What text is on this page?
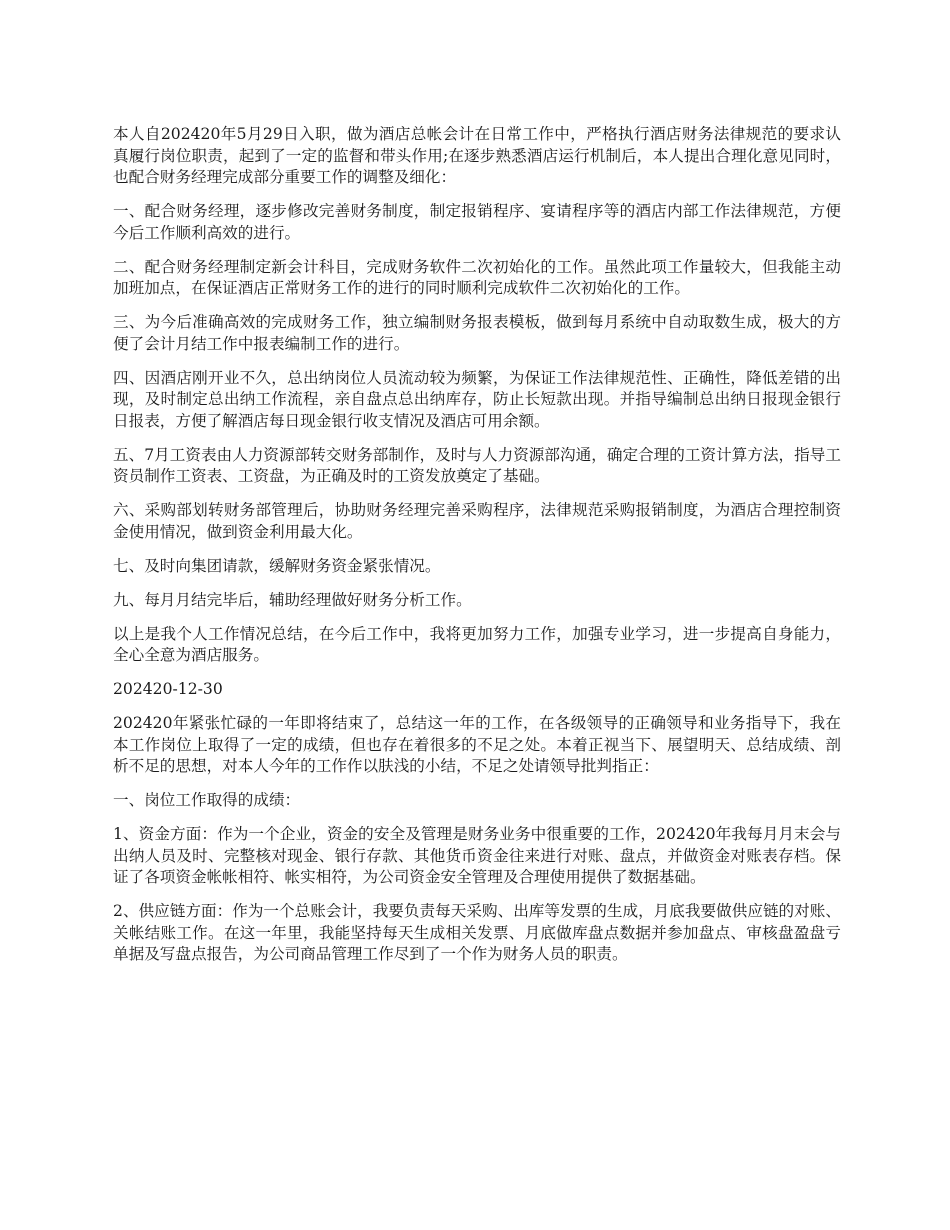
本人自202420年5月29日入职，做为酒店总帐会计在日常工作中，严格执行酒店财务法律规范的要求认真履行岗位职责，起到了一定的监督和带头作用;在逐步熟悉酒店运行机制后，本人提出合理化意见同时，也配合财务经理完成部分重要工作的调整及细化：

一、配合财务经理，逐步修改完善财务制度，制定报销程序、宴请程序等的酒店内部工作法律规范，方便今后工作顺利高效的进行。

二、配合财务经理制定新会计科目，完成财务软件二次初始化的工作。虽然此项工作量较大，但我能主动加班加点，在保证酒店正常财务工作的进行的同时顺利完成软件二次初始化的工作。

三、为今后准确高效的完成财务工作，独立编制财务报表模板，做到每月系统中自动取数生成，极大的方便了会计月结工作中报表编制工作的进行。

四、因酒店刚开业不久，总出纳岗位人员流动较为频繁，为保证工作法律规范性、正确性，降低差错的出现，及时制定总出纳工作流程，亲自盘点总出纳库存，防止长短款出现。并指导编制总出纳日报现金银行日报表，方便了解酒店每日现金银行收支情况及酒店可用余额。

五、7月工资表由人力资源部转交财务部制作，及时与人力资源部沟通，确定合理的工资计算方法，指导工资员制作工资表、工资盘，为正确及时的工资发放奠定了基础。

六、采购部划转财务部管理后，协助财务经理完善采购程序，法律规范采购报销制度，为酒店合理控制资金使用情况，做到资金利用最大化。

七、及时向集团请款，缓解财务资金紧张情况。

九、每月月结完毕后，辅助经理做好财务分析工作。

以上是我个人工作情况总结，在今后工作中，我将更加努力工作，加强专业学习，进一步提高自身能力，全心全意为酒店服务。

202420-12-30

202420年紧张忙碌的一年即将结束了，总结这一年的工作，在各级领导的正确领导和业务指导下，我在本工作岗位上取得了一定的成绩，但也存在着很多的不足之处。本着正视当下、展望明天、总结成绩、剖析不足的思想，对本人今年的工作作以肤浅的小结，不足之处请领导批判指正：

一、岗位工作取得的成绩：

1、资金方面：作为一个企业，资金的安全及管理是财务业务中很重要的工作，202420年我每月月末会与出纳人员及时、完整核对现金、银行存款、其他货币资金往来进行对账、盘点，并做资金对账表存档。保证了各项资金帐帐相符、帐实相符，为公司资金安全管理及合理使用提供了数据基础。

2、供应链方面：作为一个总账会计，我要负责每天采购、出库等发票的生成，月底我要做供应链的对账、关帐结账工作。在这一年里，我能坚持每天生成相关发票、月底做库盘点数据并参加盘点、审核盘盈盘亏单据及写盘点报告，为公司商品管理工作尽到了一个作为财务人员的职责。
